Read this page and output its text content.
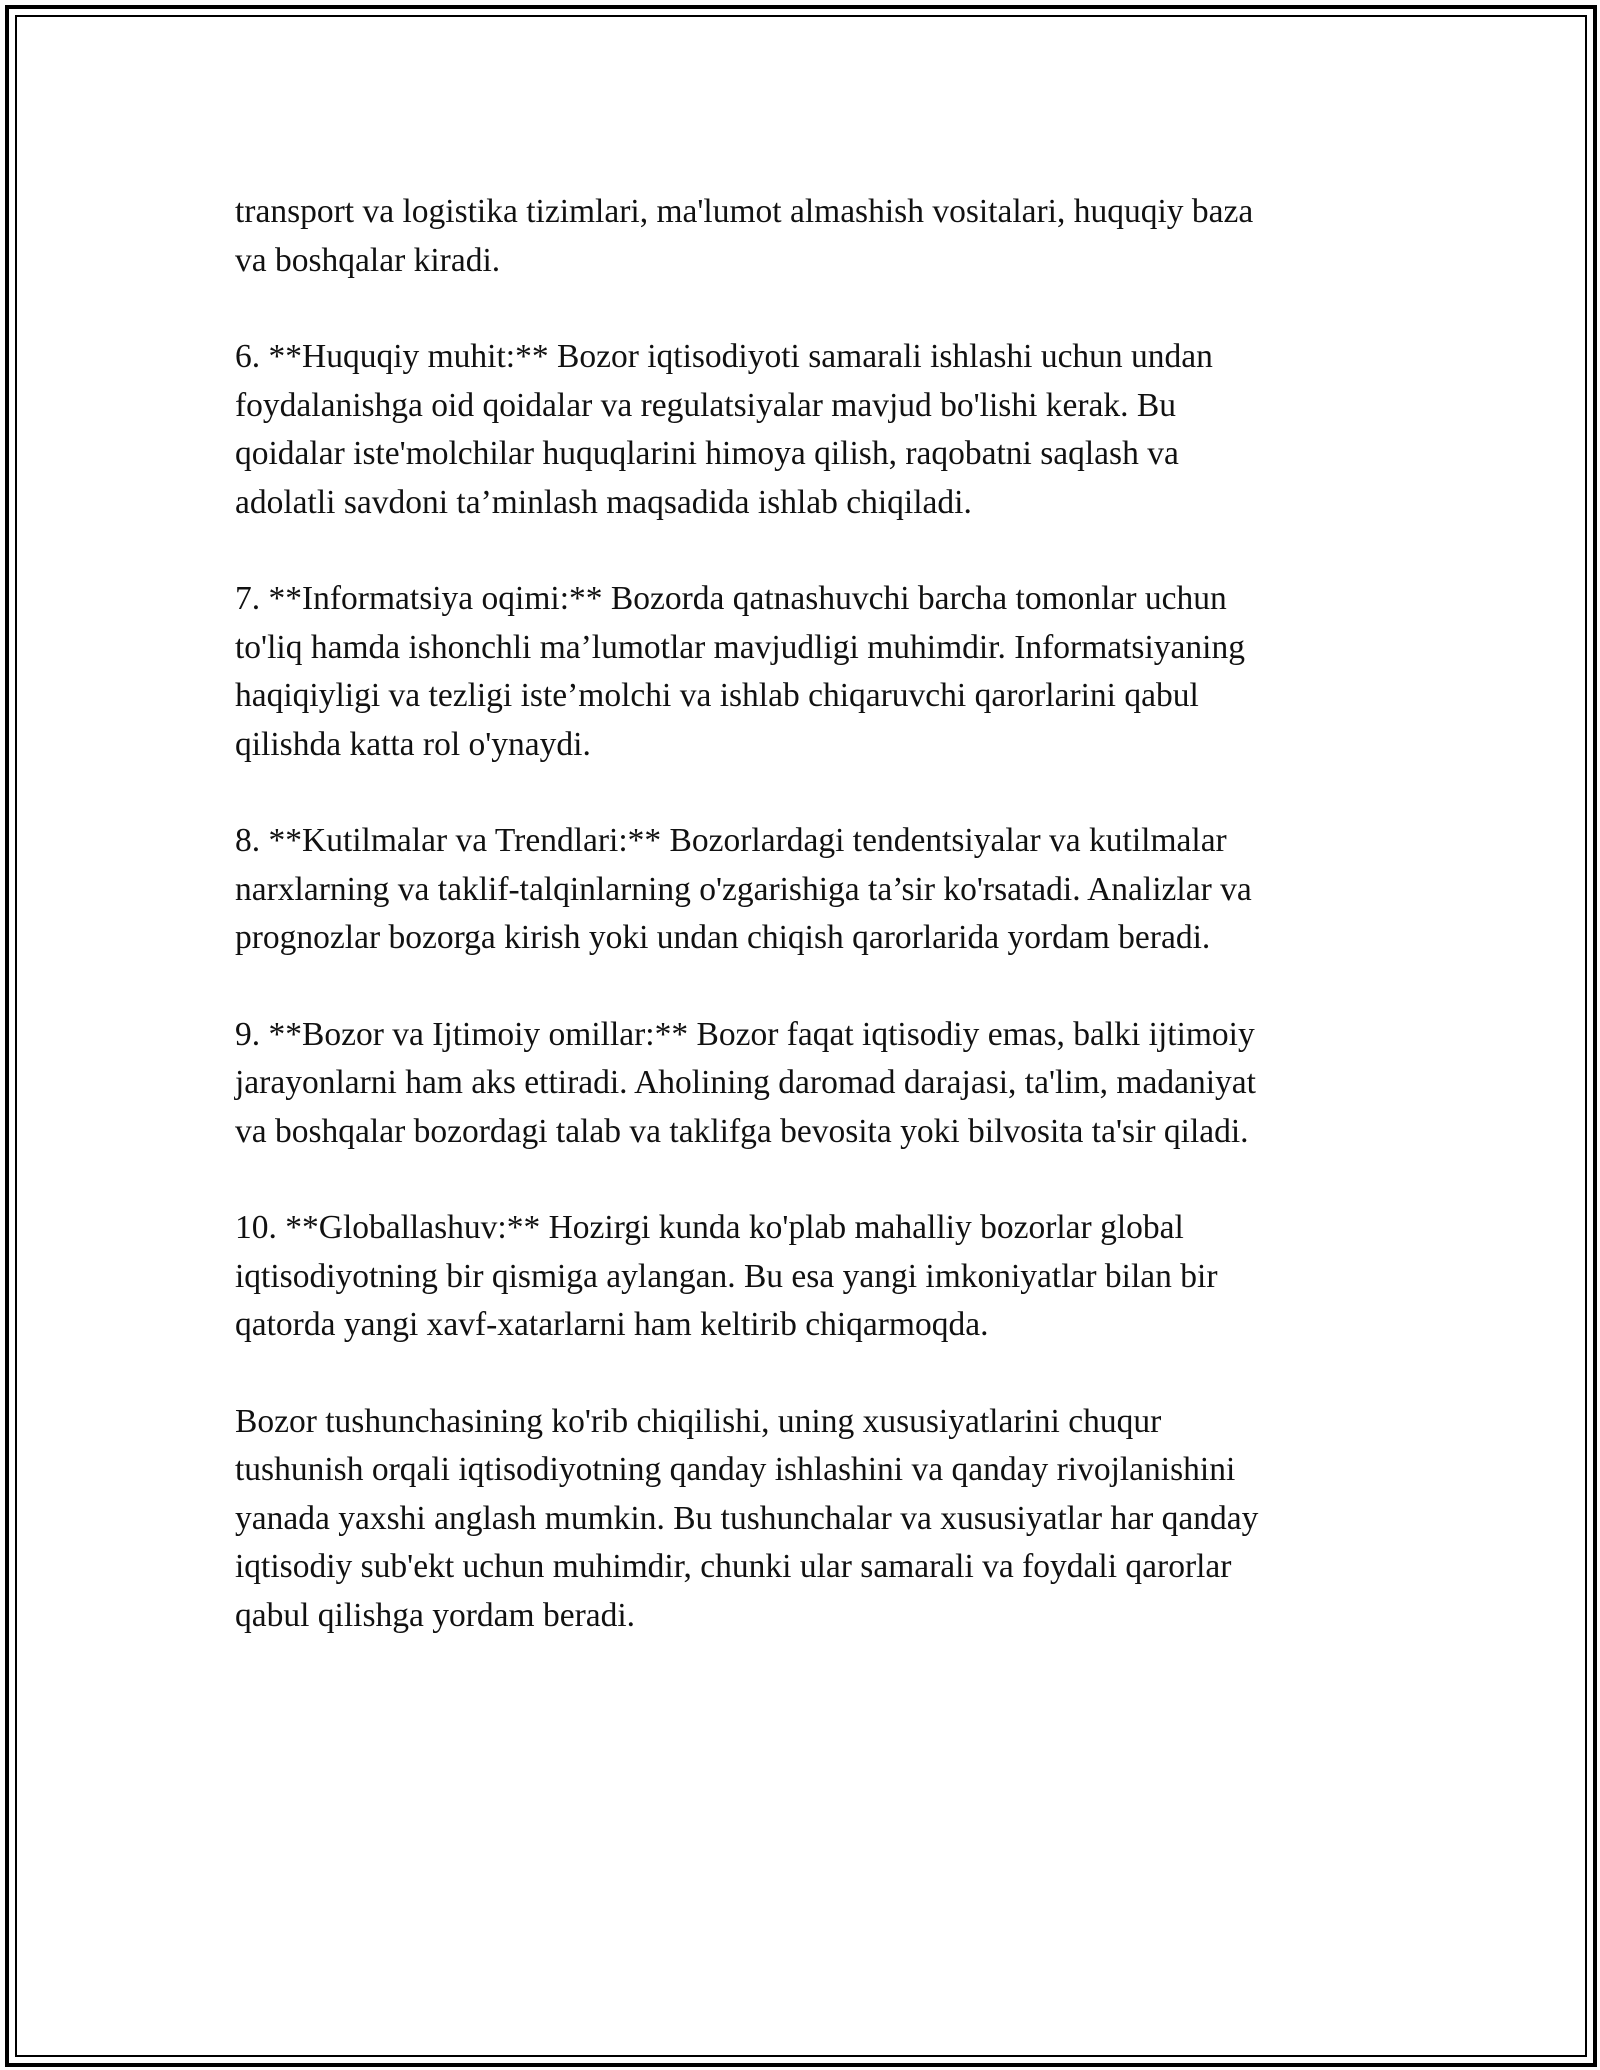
transport va logistika tizimlari, ma'lumot almashish vositalari, huquqiy baza
va boshqalar kiradi.

6. **Huquqiy muhit:** Bozor iqtisodiyoti samarali ishlashi uchun undan
foydalanishga oid qoidalar va regulatsiyalar mavjud bo'lishi kerak. Bu
qoidalar iste'molchilar huquqlarini himoya qilish, raqobatni saqlash va
adolatli savdoni ta’minlash maqsadida ishlab chiqiladi.

7. **Informatsiya oqimi:** Bozorda qatnashuvchi barcha tomonlar uchun
to'liq hamda ishonchli ma’lumotlar mavjudligi muhimdir. Informatsiyaning
haqiqiyligi va tezligi iste’molchi va ishlab chiqaruvchi qarorlarini qabul
qilishda katta rol o'ynaydi.

8. **Kutilmalar va Trendlari:** Bozorlardagi tendentsiyalar va kutilmalar
narxlarning va taklif-talqinlarning o'zgarishiga ta’sir ko'rsatadi. Analizlar va
prognozlar bozorga kirish yoki undan chiqish qarorlarida yordam beradi.

9. **Bozor va Ijtimoiy omillar:** Bozor faqat iqtisodiy emas, balki ijtimoiy
jarayonlarni ham aks ettiradi. Aholining daromad darajasi, ta'lim, madaniyat
va boshqalar bozordagi talab va taklifga bevosita yoki bilvosita ta'sir qiladi.

10. **Globallashuv:** Hozirgi kunda ko'plab mahalliy bozorlar global
iqtisodiyotning bir qismiga aylangan. Bu esa yangi imkoniyatlar bilan bir
qatorda yangi xavf-xatarlarni ham keltirib chiqarmoqda.

Bozor tushunchasining ko'rib chiqilishi, uning xususiyatlarini chuqur
tushunish orqali iqtisodiyotning qanday ishlashini va qanday rivojlanishini
yanada yaxshi anglash mumkin. Bu tushunchalar va xususiyatlar har qanday
iqtisodiy sub'ekt uchun muhimdir, chunki ular samarali va foydali qarorlar
qabul qilishga yordam beradi.
